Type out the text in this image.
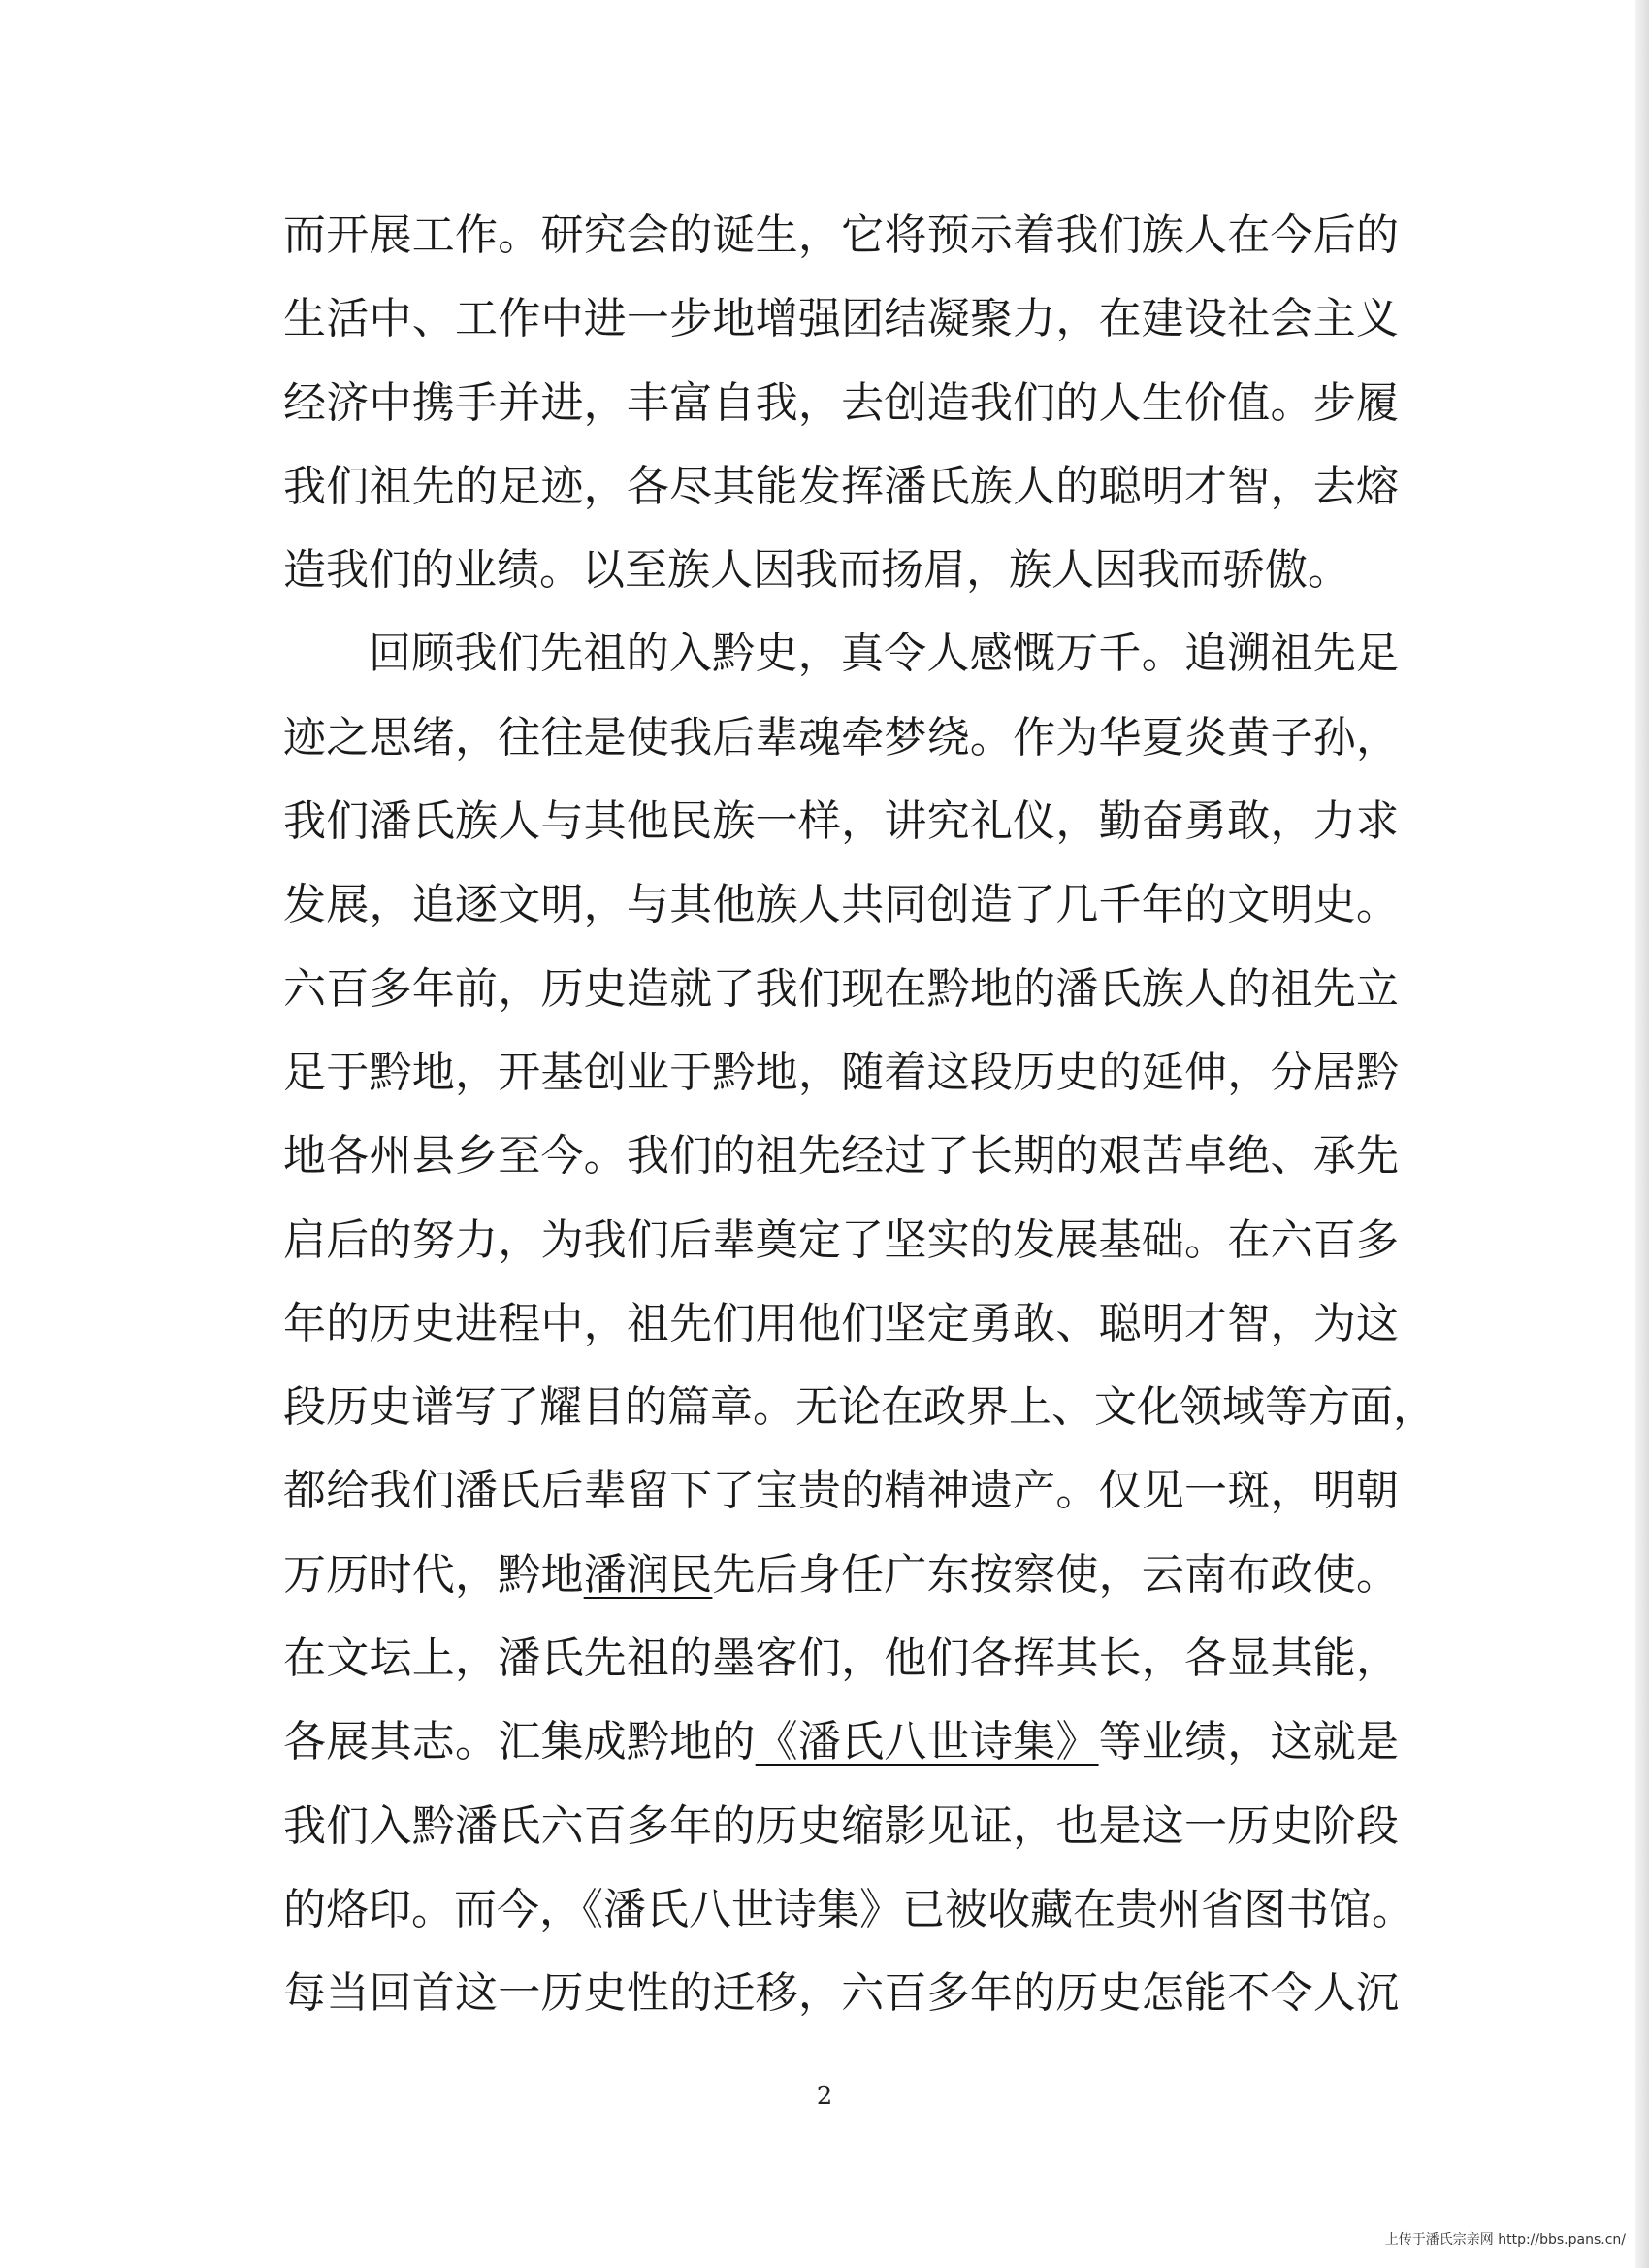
而开展工作。研究会的诞生，它将预示着我们族人在今后的
生活中、工作中进一步地增强团结凝聚力，在建设社会主义
经济中携手并进，丰富自我，去创造我们的人生价值。步履
我们祖先的足迹，各尽其能发挥潘氏族人的聪明才智，去熔
造我们的业绩。以至族人因我而扬眉，族人因我而骄傲。
回顾我们先祖的入黔史，真令人感慨万千。追溯祖先足
迹之思绪，往往是使我后辈魂牵梦绕。作为华夏炎黄子孙，
我们潘氏族人与其他民族一样，讲究礼仪，勤奋勇敢，力求
发展，追逐文明，与其他族人共同创造了几千年的文明史。
六百多年前，历史造就了我们现在黔地的潘氏族人的祖先立
足于黔地，开基创业于黔地，随着这段历史的延伸，分居黔
地各州县乡至今。我们的祖先经过了长期的艰苦卓绝、承先
启后的努力，为我们后辈奠定了坚实的发展基础。在六百多
年的历史进程中，祖先们用他们坚定勇敢、聪明才智，为这
段历史谱写了耀目的篇章。无论在政界上、文化领域等方面，
都给我们潘氏后辈留下了宝贵的精神遗产。仅见一斑，明朝
万历时代，黔地潘润民先后身任广东按察使，云南布政使。
在文坛上，潘氏先祖的墨客们，他们各挥其长，各显其能，
各展其志。汇集成黔地的《潘氏八世诗集》等业绩，这就是
我们入黔潘氏六百多年的历史缩影见证，也是这一历史阶段
的烙印。而今，《潘氏八世诗集》已被收藏在贵州省图书馆。
每当回首这一历史性的迁移，六百多年的历史怎能不令人沉
2
上传于潘氏宗亲网 http://bbs.pans.cn/
